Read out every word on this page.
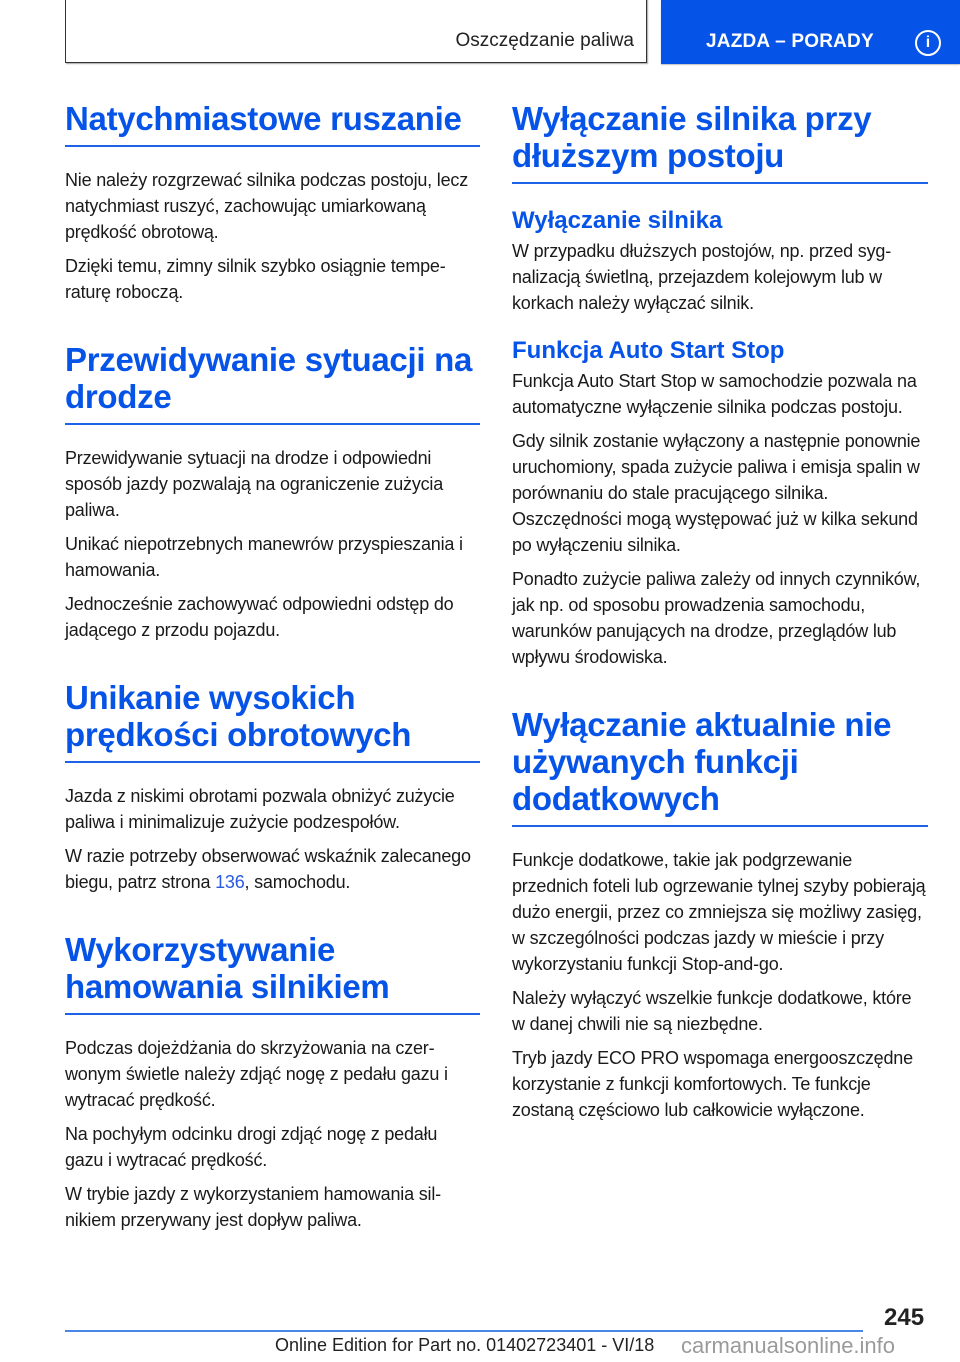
Oszczędzanie paliwa	JAZDA – PORADY	i
Natychmiastowe ruszanie

Nie należy rozgrzewać silnika podczas postoju, lecz natychmiast ruszyć, zachowując umiarkowaną prędkość obrotową.

Dzięki temu, zimny silnik szybko osiągnie temperaturę roboczą.

Przewidywanie sytuacji na drodze

Przewidywanie sytuacji na drodze i odpowiedni sposób jazdy pozwalają na ograniczenie zużycia paliwa.

Unikać niepotrzebnych manewrów przyspieszania i hamowania.

Jednocześnie zachowywać odpowiedni odstęp do jadącego z przodu pojazdu.

Unikanie wysokich prędkości obrotowych

Jazda z niskimi obrotami pozwala obniżyć zużycie paliwa i minimalizuje zużycie podzespołów.

W razie potrzeby obserwować wskaźnik zalecanego biegu, patrz strona 136, samochodu.

Wykorzystywanie hamowania silnikiem

Podczas dojeżdżania do skrzyżowania na czerwonym świetle należy zdjąć nogę z pedału gazu i wytracać prędkość.

Na pochyłym odcinku drogi zdjąć nogę z pedału gazu i wytracać prędkość.

W trybie jazdy z wykorzystaniem hamowania silnikiem przerywany jest dopływ paliwa.

Wyłączanie silnika przy dłuższym postoju
Wyłączanie silnika

W przypadku dłuższych postojów, np. przed sygnalizacją świetlną, przejazdem kolejowym lub w korkach należy wyłączać silnik.

Funkcja Auto Start Stop

Funkcja Auto Start Stop w samochodzie pozwala na automatyczne wyłączenie silnika podczas postoju.

Gdy silnik zostanie wyłączony a następnie ponownie uruchomiony, spada zużycie paliwa i emisja spalin w porównaniu do stale pracującego silnika. Oszczędności mogą występować już w kilka sekund po wyłączeniu silnika.

Ponadto zużycie paliwa zależy od innych czynników, jak np. od sposobu prowadzenia samochodu, warunków panujących na drodze, przeglądów lub wpływu środowiska.

Wyłączanie aktualnie nie używanych funkcji dodatkowych

Funkcje dodatkowe, takie jak podgrzewanie przednich foteli lub ogrzewanie tylnej szyby pobierają dużo energii, przez co zmniejsza się możliwy zasięg, w szczególności podczas jazdy w mieście i przy wykorzystaniu funkcji Stop-and-go.

Należy wyłączyć wszelkie funkcje dodatkowe, które w danej chwili nie są niezbędne.

Tryb jazdy ECO PRO wspomaga energooszczędne korzystanie z funkcji komfortowych. Te funkcje zostaną częściowo lub całkowicie wyłączone.

245
Online Edition for Part no. 01402723401 - VI/18 carmanualsonline.info
